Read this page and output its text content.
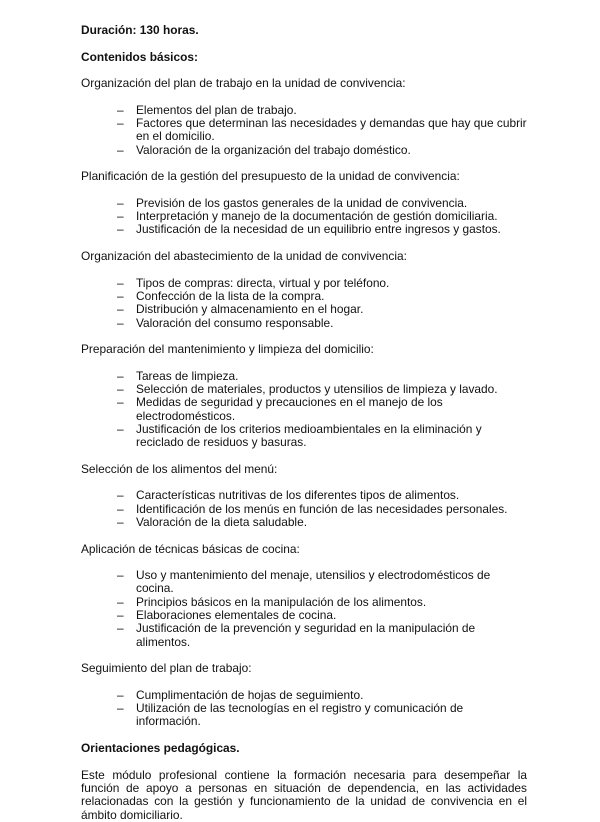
Duración: 130 horas.

Contenidos básicos:

Organización del plan de trabajo en la unidad de convivencia:

– Elementos del plan de trabajo.
– Factores que determinan las necesidades y demandas que hay que cubrir en el domicilio.
– Valoración de la organización del trabajo doméstico.

Planificación de la gestión del presupuesto de la unidad de convivencia:

– Previsión de los gastos generales de la unidad de convivencia.
– Interpretación y manejo de la documentación de gestión domiciliaria.
– Justificación de la necesidad de un equilibrio entre ingresos y gastos.

Organización del abastecimiento de la unidad de convivencia:

– Tipos de compras: directa, virtual y por teléfono.
– Confección de la lista de la compra.
– Distribución y almacenamiento en el hogar.
– Valoración del consumo responsable.

Preparación del mantenimiento y limpieza del domicilio:

– Tareas de limpieza.
– Selección de materiales, productos y utensilios de limpieza y lavado.
– Medidas de seguridad y precauciones en el manejo de los electrodomésticos.
– Justificación de los criterios medioambientales en la eliminación y reciclado de residuos y basuras.

Selección de los alimentos del menú:

– Características nutritivas de los diferentes tipos de alimentos.
– Identificación de los menús en función de las necesidades personales.
– Valoración de la dieta saludable.

Aplicación de técnicas básicas de cocina:

– Uso y mantenimiento del menaje, utensilios y electrodomésticos de cocina.
– Principios básicos en la manipulación de los alimentos.
– Elaboraciones elementales de cocina.
– Justificación de la prevención y seguridad en la manipulación de alimentos.

Seguimiento del plan de trabajo:

– Cumplimentación de hojas de seguimiento.
– Utilización de las tecnologías en el registro y comunicación de información.

Orientaciones pedagógicas.

Este módulo profesional contiene la formación necesaria para desempeñar la función de apoyo a personas en situación de dependencia, en las actividades relacionadas con la gestión y funcionamiento de la unidad de convivencia en el ámbito domiciliario.
